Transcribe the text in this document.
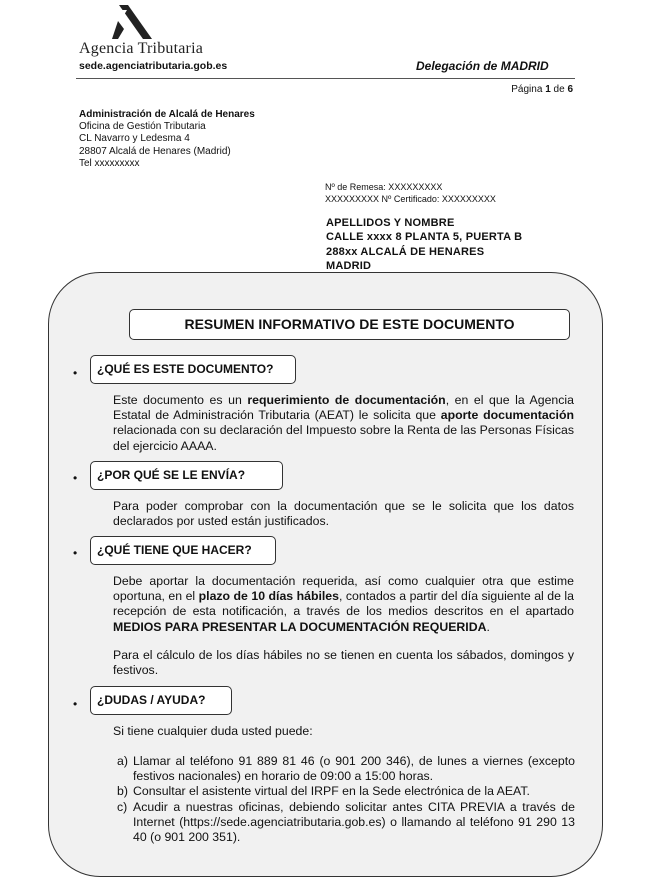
Agencia Tributaria
sede.agenciatributaria.gob.es	Delegación de MADRID
Página 1 de 6
Administración de Alcalá de Henares
Oficina de Gestión Tributaria
CL Navarro y Ledesma 4
28807 Alcalá de Henares (Madrid)
Tel xxxxxxxxx
Nº de Remesa: XXXXXXXXX
XXXXXXXXX Nº Certificado: XXXXXXXXX
APELLIDOS Y NOMBRE
CALLE xxxx 8 PLANTA 5, PUERTA B
288xx ALCALÁ DE HENARES
MADRID
RESUMEN INFORMATIVO DE ESTE DOCUMENTO
•	¿QUÉ ES ESTE DOCUMENTO?
Este documento es un requerimiento de documentación, en el que la Agencia Estatal de Administración Tributaria (AEAT) le solicita que aporte documentación relacionada con su declaración del Impuesto sobre la Renta de las Personas Físicas del ejercicio AAAA.
•	¿POR QUÉ SE LE ENVÍA?
Para poder comprobar con la documentación que se le solicita que los datos declarados por usted están justificados.
•	¿QUÉ TIENE QUE HACER?
Debe aportar la documentación requerida, así como cualquier otra que estime oportuna, en el plazo de 10 días hábiles, contados a partir del día siguiente al de la recepción de esta notificación, a través de los medios descritos en el apartado MEDIOS PARA PRESENTAR LA DOCUMENTACIÓN REQUERIDA.
Para el cálculo de los días hábiles no se tienen en cuenta los sábados, domingos y festivos.
•	¿DUDAS / AYUDA?
Si tiene cualquier duda usted puede:
a) Llamar al teléfono 91 889 81 46 (o 901 200 346), de lunes a viernes (excepto festivos nacionales) en horario de 09:00 a 15:00 horas.
b) Consultar el asistente virtual del IRPF en la Sede electrónica de la AEAT.
c) Acudir a nuestras oficinas, debiendo solicitar antes CITA PREVIA a través de Internet (https://sede.agenciatributaria.gob.es) o llamando al teléfono 91 290 13 40 (o 901 200 351).
